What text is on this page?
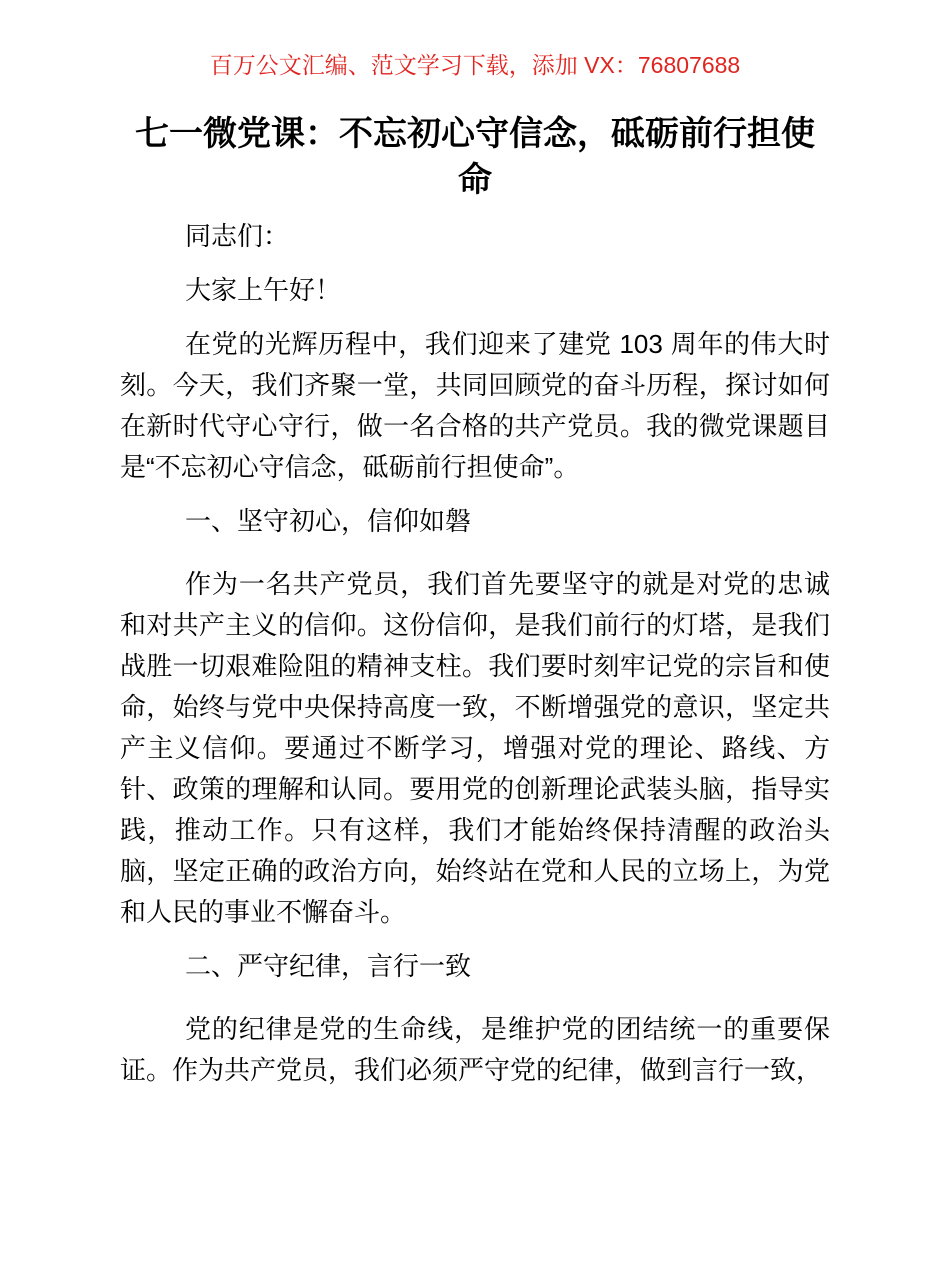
百万公文汇编、范文学习下载，添加 VX：76807688
七一微党课：不忘初心守信念，砥砺前行担使命

同志们：

大家上午好！

在党的光辉历程中，我们迎来了建党 103 周年的伟大时刻。今天，我们齐聚一堂，共同回顾党的奋斗历程，探讨如何在新时代守心守行，做一名合格的共产党员。我的微党课题目是“不忘初心守信念，砥砺前行担使命”。

一、坚守初心，信仰如磐

作为一名共产党员，我们首先要坚守的就是对党的忠诚和对共产主义的信仰。这份信仰，是我们前行的灯塔，是我们战胜一切艰难险阻的精神支柱。我们要时刻牢记党的宗旨和使命，始终与党中央保持高度一致，不断增强党的意识，坚定共产主义信仰。要通过不断学习，增强对党的理论、路线、方针、政策的理解和认同。要用党的创新理论武装头脑，指导实践，推动工作。只有这样，我们才能始终保持清醒的政治头脑，坚定正确的政治方向，始终站在党和人民的立场上，为党和人民的事业不懈奋斗。

二、严守纪律，言行一致

党的纪律是党的生命线，是维护党的团结统一的重要保证。作为共产党员，我们必须严守党的纪律，做到言行一致，
